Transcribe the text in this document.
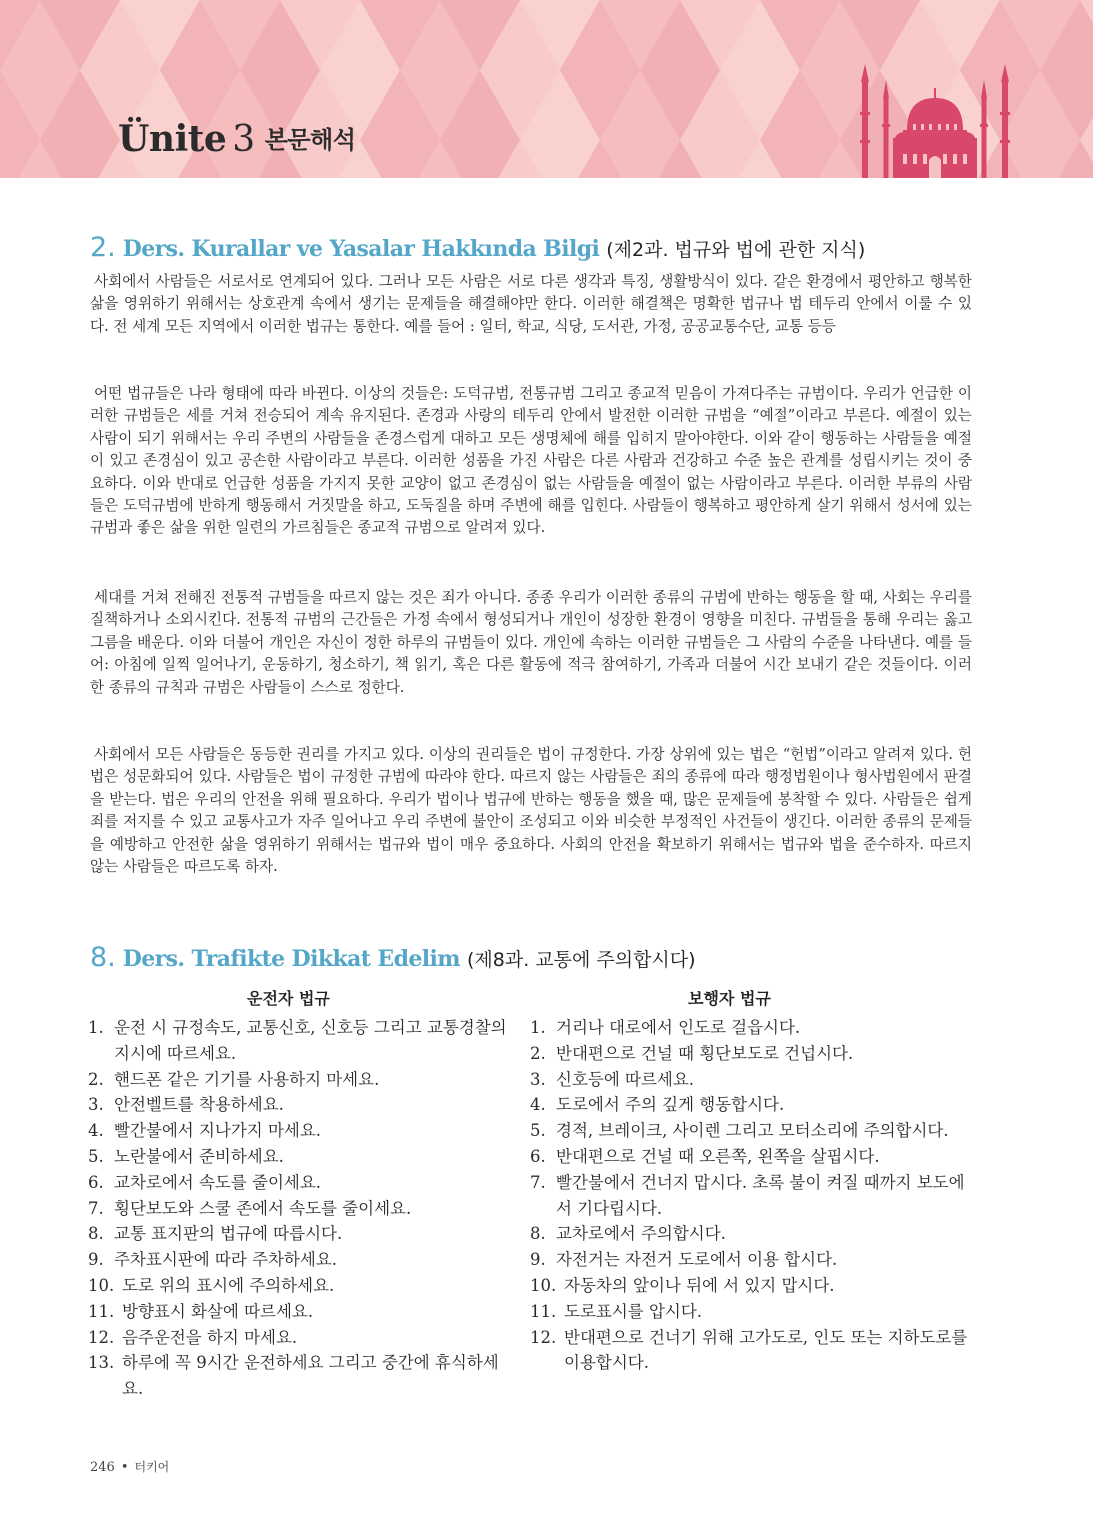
Ünite 3 본문해석
2. Ders. Kurallar ve Yasalar Hakkında Bilgi (제2과. 법규와 법에 관한 지식)
사회에서 사람들은 서로서로 연계되어 있다. 그러나 모든 사람은 서로 다른 생각과 특징, 생활방식이 있다. 같은 환경에서 평안하고 행복한 삶을 영위하기 위해서는 상호관계 속에서 생기는 문제들을 해결해야만 한다. 이러한 해결책은 명확한 법규나 법 테두리 안에서 이룰 수 있다. 전 세계 모든 지역에서 이러한 법규는 통한다. 예를 들어 : 일터, 학교, 식당, 도서관, 가정, 공공교통수단, 교통 등등
어떤 법규들은 나라 형태에 따라 바뀐다. 이상의 것들은: 도덕규범, 전통규범 그리고 종교적 믿음이 가져다주는 규범이다. 우리가 언급한 이러한 규범들은 세를 거쳐 전승되어 계속 유지된다. 존경과 사랑의 테두리 안에서 발전한 이러한 규범을 “예절”이라고 부른다. 예절이 있는 사람이 되기 위해서는 우리 주변의 사람들을 존경스럽게 대하고 모든 생명체에 해를 입히지 말아야한다. 이와 같이 행동하는 사람들을 예절이 있고 존경심이 있고 공손한 사람이라고 부른다. 이러한 성품을 가진 사람은 다른 사람과 건강하고 수준 높은 관계를 성립시키는 것이 중요하다. 이와 반대로 언급한 성품을 가지지 못한 교양이 없고 존경심이 없는 사람들을 예절이 없는 사람이라고 부른다. 이러한 부류의 사람들은 도덕규범에 반하게 행동해서 거짓말을 하고, 도둑질을 하며 주변에 해를 입힌다. 사람들이 행복하고 평안하게 살기 위해서 성서에 있는 규범과 좋은 삶을 위한 일련의 가르침들은 종교적 규범으로 알려져 있다.
세대를 거쳐 전해진 전통적 규범들을 따르지 않는 것은 죄가 아니다. 종종 우리가 이러한 종류의 규범에 반하는 행동을 할 때, 사회는 우리를 질책하거나 소외시킨다. 전통적 규범의 근간들은 가정 속에서 형성되거나 개인이 성장한 환경이 영향을 미친다. 규범들을 통해 우리는 옳고 그름을 배운다. 이와 더불어 개인은 자신이 정한 하루의 규범들이 있다. 개인에 속하는 이러한 규범들은 그 사람의 수준을 나타낸다. 예를 들어: 아침에 일찍 일어나기, 운동하기, 청소하기, 책 읽기, 혹은 다른 활동에 적극 참여하기, 가족과 더불어 시간 보내기 같은 것들이다. 이러한 종류의 규칙과 규범은 사람들이 스스로 정한다.
사회에서 모든 사람들은 동등한 권리를 가지고 있다. 이상의 권리들은 법이 규정한다. 가장 상위에 있는 법은 “헌법”이라고 알려져 있다. 헌법은 성문화되어 있다. 사람들은 법이 규정한 규범에 따라야 한다. 따르지 않는 사람들은 죄의 종류에 따라 행정법원이나 형사법원에서 판결을 받는다. 법은 우리의 안전을 위해 필요하다. 우리가 법이나 법규에 반하는 행동을 했을 때, 많은 문제들에 봉착할 수 있다. 사람들은 쉽게 죄를 저지를 수 있고 교통사고가 자주 일어나고 우리 주변에 불안이 조성되고 이와 비슷한 부정적인 사건들이 생긴다. 이러한 종류의 문제들을 예방하고 안전한 삶을 영위하기 위해서는 법규와 법이 매우 중요하다. 사회의 안전을 확보하기 위해서는 법규와 법을 준수하자. 따르지 않는 사람들은 따르도록 하자.
8. Ders. Trafikte Dikkat Edelim (제8과. 교통에 주의합시다)
운전자 법규	보행자 법규
1. 운전 시 규정속도, 교통신호, 신호등 그리고 교통경찰의 지시에 따르세요.
2. 핸드폰 같은 기기를 사용하지 마세요.
3. 안전벨트를 착용하세요.
4. 빨간불에서 지나가지 마세요.
5. 노란불에서 준비하세요.
6. 교차로에서 속도를 줄이세요.
7. 횡단보도와 스쿨 존에서 속도를 줄이세요.
8. 교통 표지판의 법규에 따릅시다.
9. 주차표시판에 따라 주차하세요.
10. 도로 위의 표시에 주의하세요.
11. 방향표시 화살에 따르세요.
12. 음주운전을 하지 마세요.
13. 하루에 꼭 9시간 운전하세요 그리고 중간에 휴식하세요.
1. 거리나 대로에서 인도로 걸읍시다.
2. 반대편으로 건널 때 횡단보도로 건넙시다.
3. 신호등에 따르세요.
4. 도로에서 주의 깊게 행동합시다.
5. 경적, 브레이크, 사이렌 그리고 모터소리에 주의합시다.
6. 반대편으로 건널 때 오른쪽, 왼쪽을 살핍시다.
7. 빨간불에서 건너지 맙시다. 초록 불이 켜질 때까지 보도에서 기다립시다.
8. 교차로에서 주의합시다.
9. 자전거는 자전거 도로에서 이용 합시다.
10. 자동차의 앞이나 뒤에 서 있지 맙시다.
11. 도로표시를 압시다.
12. 반대편으로 건너기 위해 고가도로, 인도 또는 지하도로를 이용합시다.
246 • 터키어
